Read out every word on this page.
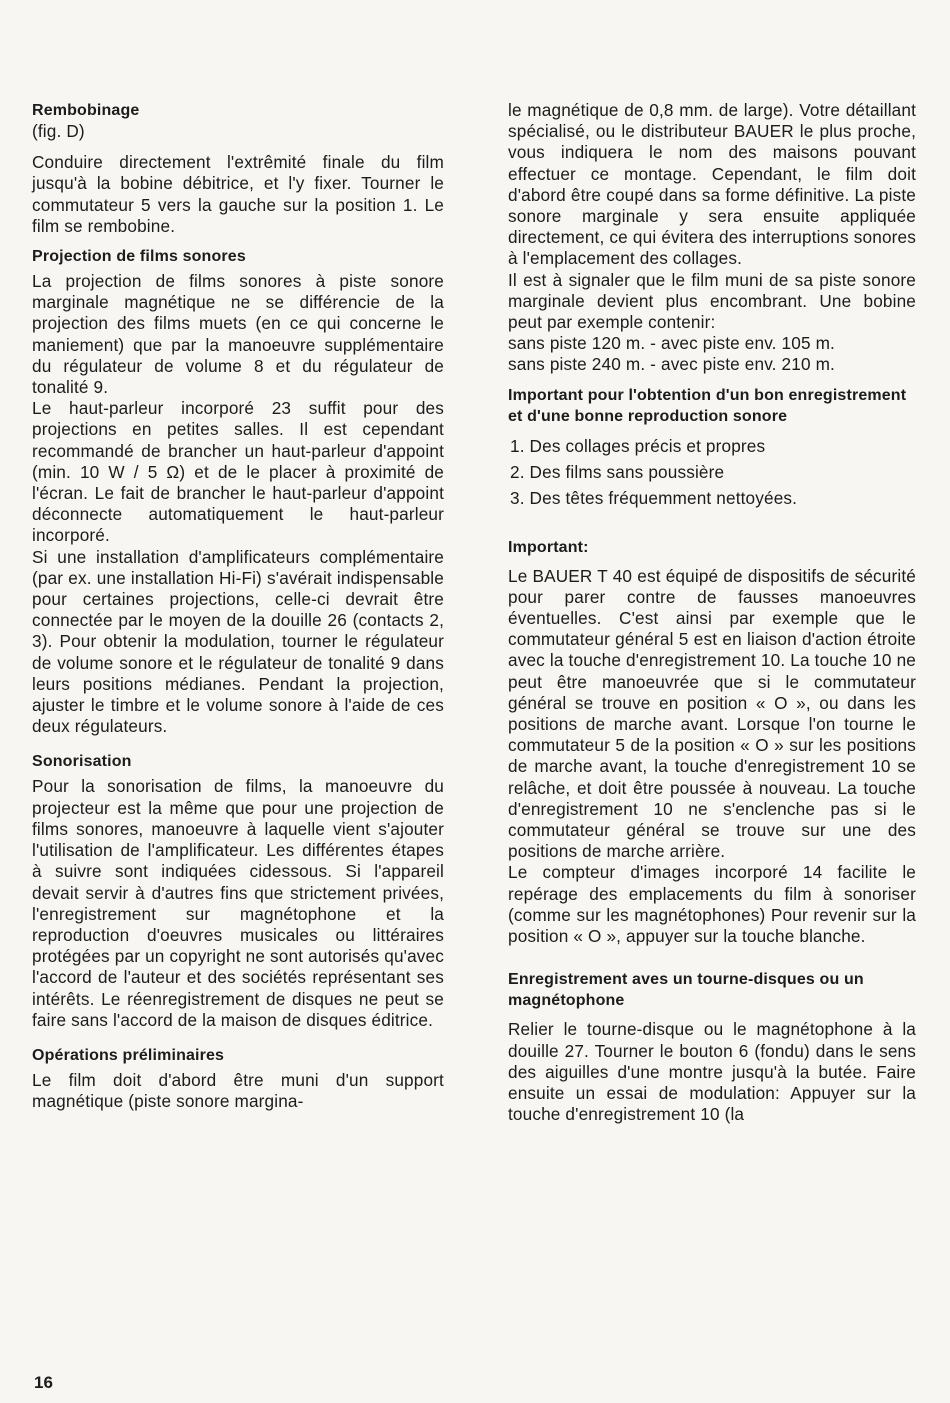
Rembobinage

(fig. D)

Conduire directement l'extrêmité finale du film jusqu'à la bobine débitrice, et l'y fixer. Tourner le commutateur 5 vers la gauche sur la position 1. Le film se rembobine.

Projection de films sonores

La projection de films sonores à piste sonore marginale magnétique ne se différencie de la projection des films muets (en ce qui concerne le maniement) que par la manoeuvre supplémentaire du régulateur de volume 8 et du régulateur de tonalité 9.

Le haut-parleur incorporé 23 suffit pour des projections en petites salles. Il est cependant recommandé de brancher un haut-parleur d'appoint (min. 10 W / 5 Ω) et de le placer à proximité de l'écran. Le fait de brancher le haut-parleur d'appoint déconnecte automatiquement le haut-parleur incorporé.

Si une installation d'amplificateurs complémentaire (par ex. une installation Hi-Fi) s'avérait indispensable pour certaines projections, celle-ci devrait être connectée par le moyen de la douille 26 (contacts 2, 3). Pour obtenir la modulation, tourner le régulateur de volume sonore et le régulateur de tonalité 9 dans leurs positions médianes. Pendant la projection, ajuster le timbre et le volume sonore à l'aide de ces deux régulateurs.

Sonorisation

Pour la sonorisation de films, la manoeuvre du projecteur est la même que pour une projection de films sonores, manoeuvre à laquelle vient s'ajouter l'utilisation de l'amplificateur. Les différentes étapes à suivre sont indiquées cidessous. Si l'appareil devait servir à d'autres fins que strictement privées, l'enregistrement sur magnétophone et la reproduction d'oeuvres musicales ou littéraires protégées par un copyright ne sont autorisés qu'avec l'accord de l'auteur et des sociétés représentant ses intérêts. Le réenregistrement de disques ne peut se faire sans l'accord de la maison de disques éditrice.

Opérations préliminaires

Le film doit d'abord être muni d'un support magnétique (piste sonore margina-

le magnétique de 0,8 mm. de large). Votre détaillant spécialisé, ou le distributeur BAUER le plus proche, vous indiquera le nom des maisons pouvant effectuer ce montage. Cependant, le film doit d'abord être coupé dans sa forme définitive. La piste sonore marginale y sera ensuite appliquée directement, ce qui évitera des interruptions sonores à l'emplacement des collages.

Il est à signaler que le film muni de sa piste sonore marginale devient plus encombrant. Une bobine peut par exemple contenir:

sans piste 120 m. - avec piste env. 105 m.

sans piste 240 m. - avec piste env. 210 m.

Important pour l'obtention d'un bon enregistrement et d'une bonne reproduction sonore
1. Des collages précis et propres
2. Des films sans poussière
3. Des têtes fréquemment nettoyées.
Important:

Le BAUER T 40 est équipé de dispositifs de sécurité pour parer contre de fausses manoeuvres éventuelles. C'est ainsi par exemple que le commutateur général 5 est en liaison d'action étroite avec la touche d'enregistrement 10. La touche 10 ne peut être manoeuvrée que si le commutateur général se trouve en position « O », ou dans les positions de marche avant. Lorsque l'on tourne le commutateur 5 de la position « O » sur les positions de marche avant, la touche d'enregistrement 10 se relâche, et doit être poussée à nouveau. La touche d'enregistrement 10 ne s'enclenche pas si le commutateur général se trouve sur une des positions de marche arrière.

Le compteur d'images incorporé 14 facilite le repérage des emplacements du film à sonoriser (comme sur les magnétophones) Pour revenir sur la position « O », appuyer sur la touche blanche.

Enregistrement aves un tourne-disques ou un magnétophone

Relier le tourne-disque ou le magnétophone à la douille 27. Tourner le bouton 6 (fondu) dans le sens des aiguilles d'une montre jusqu'à la butée. Faire ensuite un essai de modulation: Appuyer sur la touche d'enregistrement 10 (la

16
